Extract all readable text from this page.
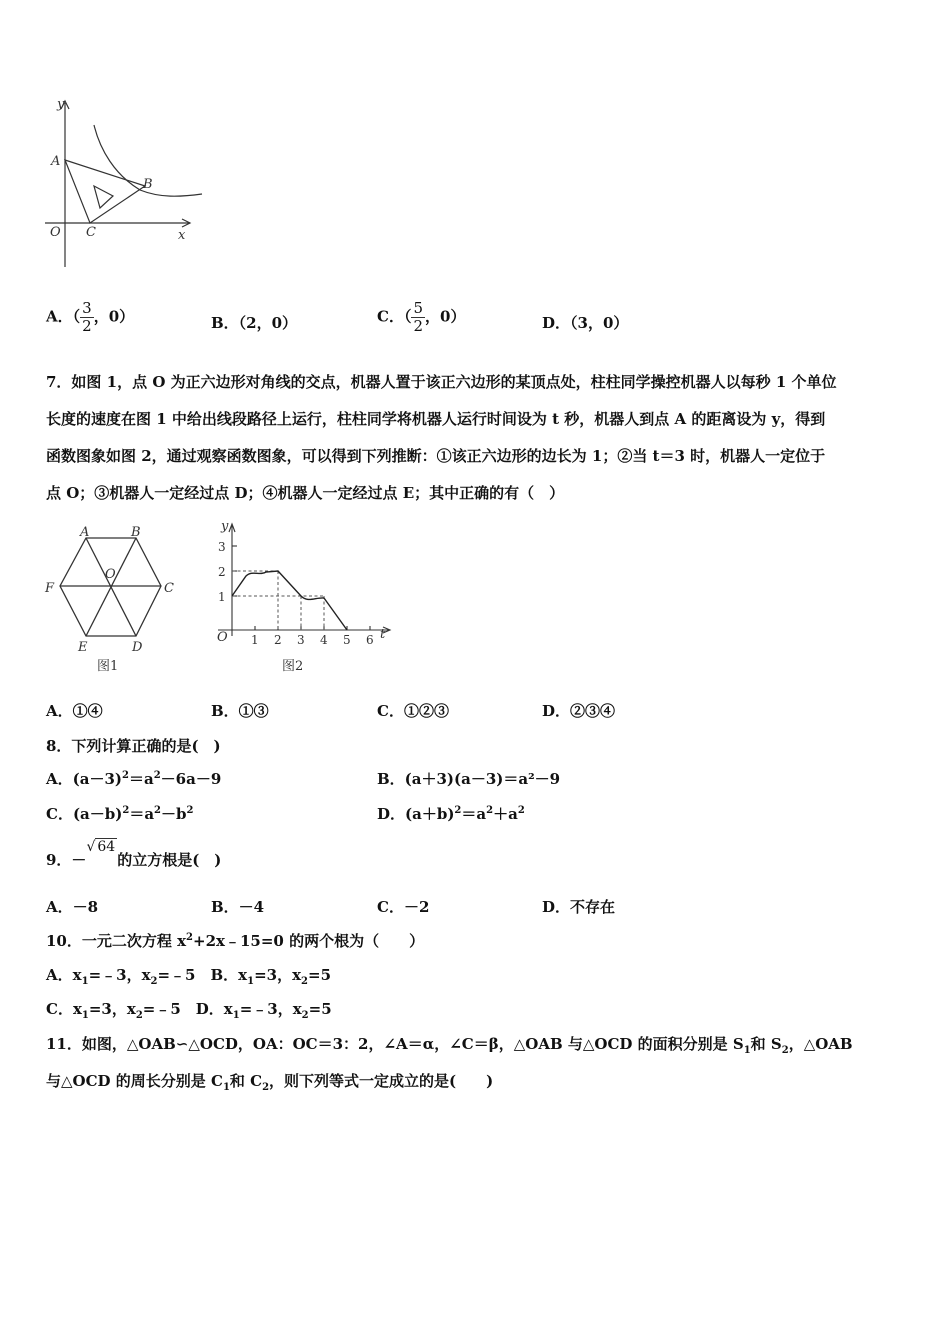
y
x
O
A
B
C
A．（ $\frac{3}{2}$ ，0）	B．（2，0）	C．（ $\frac{5}{2}$ ，0）	D．（3，0）
7．如图 1，点 O 为正六边形对角线的交点，机器人置于该正六边形的某顶点处，柱柱同学操控机器人以每秒 1 个单位
长度的速度在图 1 中给出线段路径上运行，柱柱同学将机器人运行时间设为 t 秒，机器人到点 A 的距离设为 y，得到
函数图象如图 2，通过观察函数图象，可以得到下列推断：①该正六边形的边长为 1；②当 t＝3 时，机器人一定位于
点 O；③机器人一定经过点 D；④机器人一定经过点 E；其中正确的有（　）
A	B
C
D
E
F
O
图1
y
t
O
1
2
3
1 2 3 4 5 6
图2
A．①④	B．①③	C．①②③	D．②③④
8．下列计算正确的是(　)
A．$(a-3)^2=a^2-6a-9$	B．(a＋3)(a－3)＝a²－9
C．$(a-b)^2=a^2-b^2$	D．$(a+b)^2=a^2+a^2$
9．－√ 64的立方根是(　)
A．－8	B．－4	C．－2	D．不存在
10．一元二次方程 $x^2+2x﹣15=0$ 的两个根为（　　）
A．$x_1=﹣3$，$x_2=﹣5$　B．$x_1=3$，$x_2=5$
C．$x_1=3$，$x_2=﹣5$　D．$x_1=﹣3$，$x_2=5$
11．如图，△OAB∽△OCD，OA：OC＝3：2，∠A＝α，∠C＝β，△OAB 与△OCD 的面积分别是 $S_1$和 $S_2$，△OAB
与△OCD 的周长分别是 $C_1$和 $C_2$，则下列等式一定成立的是(　　)
